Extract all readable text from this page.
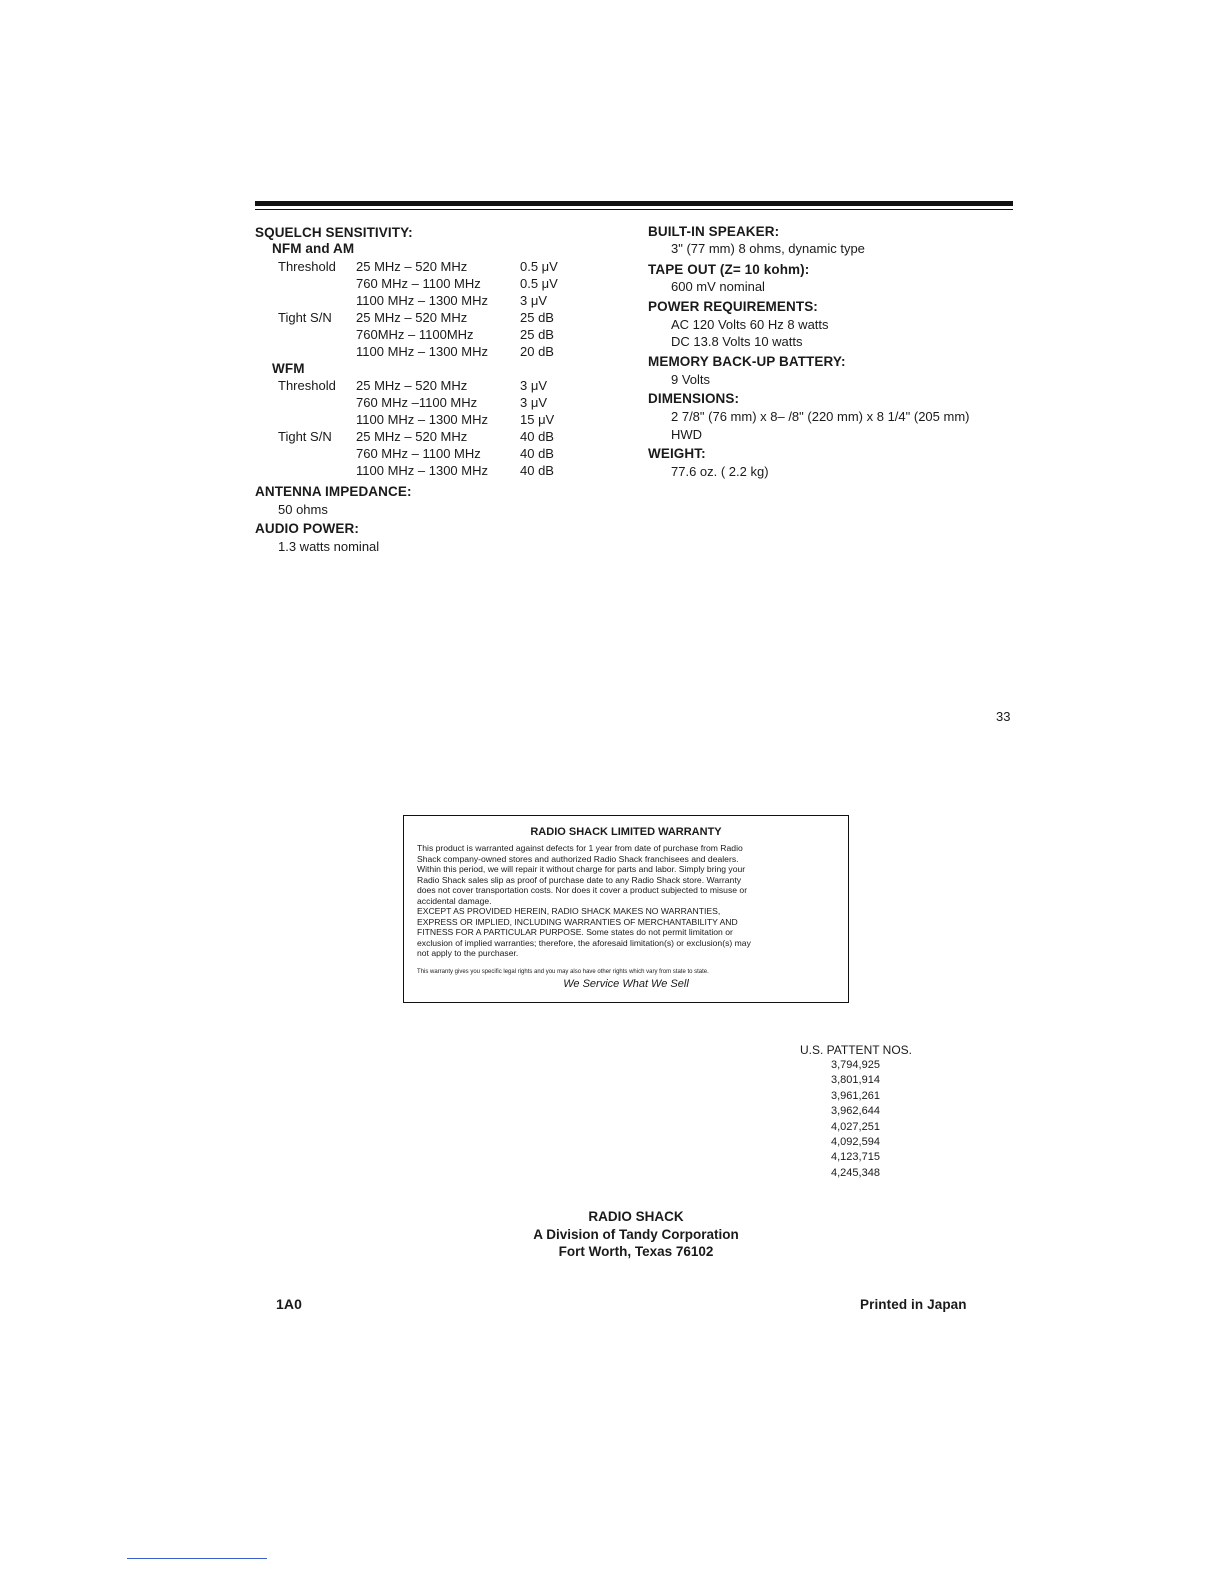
SQUELCH SENSITIVITY:
NFM and AM
Threshold 25 MHz – 520 MHz	0.5 μV
760 MHz – 1100 MHz	0.5 μV
1100 MHz – 1300 MHz 3 μV
Tight S/N 25 MHz – 520 MHz	25 dB
760MHz – 1100MHz	25 dB
1100 MHz – 1300 MHz 20 dB
WFM
Threshold 25 MHz – 520 MHz	3 μV
760 MHz –1100 MHz	3 μV
1100 MHz – 1300 MHz 15 μV
Tight S/N 25 MHz – 520 MHz	40 dB
760 MHz – 1100 MHz	40 dB
1100 MHz – 1300 MHz 40 dB
ANTENNA IMPEDANCE:
50 ohms
AUDIO POWER:
1.3 watts nominal
BUILT-IN SPEAKER:
3" (77 mm) 8 ohms, dynamic type
TAPE OUT (Z= 10 kohm):
600 mV nominal
POWER REQUIREMENTS:
AC 120 Volts 60 Hz 8 watts
DC 13.8 Volts 10 watts
MEMORY BACK-UP BATTERY:
9 Volts
DIMENSIONS:
2 7/8" (76 mm) x 8– /8" (220 mm) x 8 1/4" (205 mm)
HWD
WEIGHT:
77.6 oz. ( 2.2 kg)
33
RADIO SHACK LIMITED WARRANTY
This product is warranted against defects for 1 year from date of purchase from Radio
Shack company-owned stores and authorized Radio Shack franchisees and dealers.
Within this period, we will repair it without charge for parts and labor. Simply bring your
Radio Shack sales slip as proof of purchase date to any Radio Shack store. Warranty
does not cover transportation costs. Nor does it cover a product subjected to misuse or
accidental damage.
EXCEPT AS PROVIDED HEREIN, RADIO SHACK MAKES NO WARRANTIES,
EXPRESS OR IMPLIED, INCLUDING WARRANTIES OF MERCHANTABILITY AND
FITNESS FOR A PARTICULAR PURPOSE. Some states do not permit limitation or
exclusion of implied warranties; therefore, the aforesaid limitation(s) or exclusion(s) may
not apply to the purchaser.
This warranty gives you specific legal rights and you may also have other rights which vary from state to state.
We Service What We Sell
U.S. PATTENT NOS.
3,794,925
3,801,914
3,961,261
3,962,644
4,027,251
4,092,594
4,123,715
4,245,348
RADIO SHACK
A Division of Tandy Corporation
Fort Worth, Texas 76102
1A0	Printed in Japan
